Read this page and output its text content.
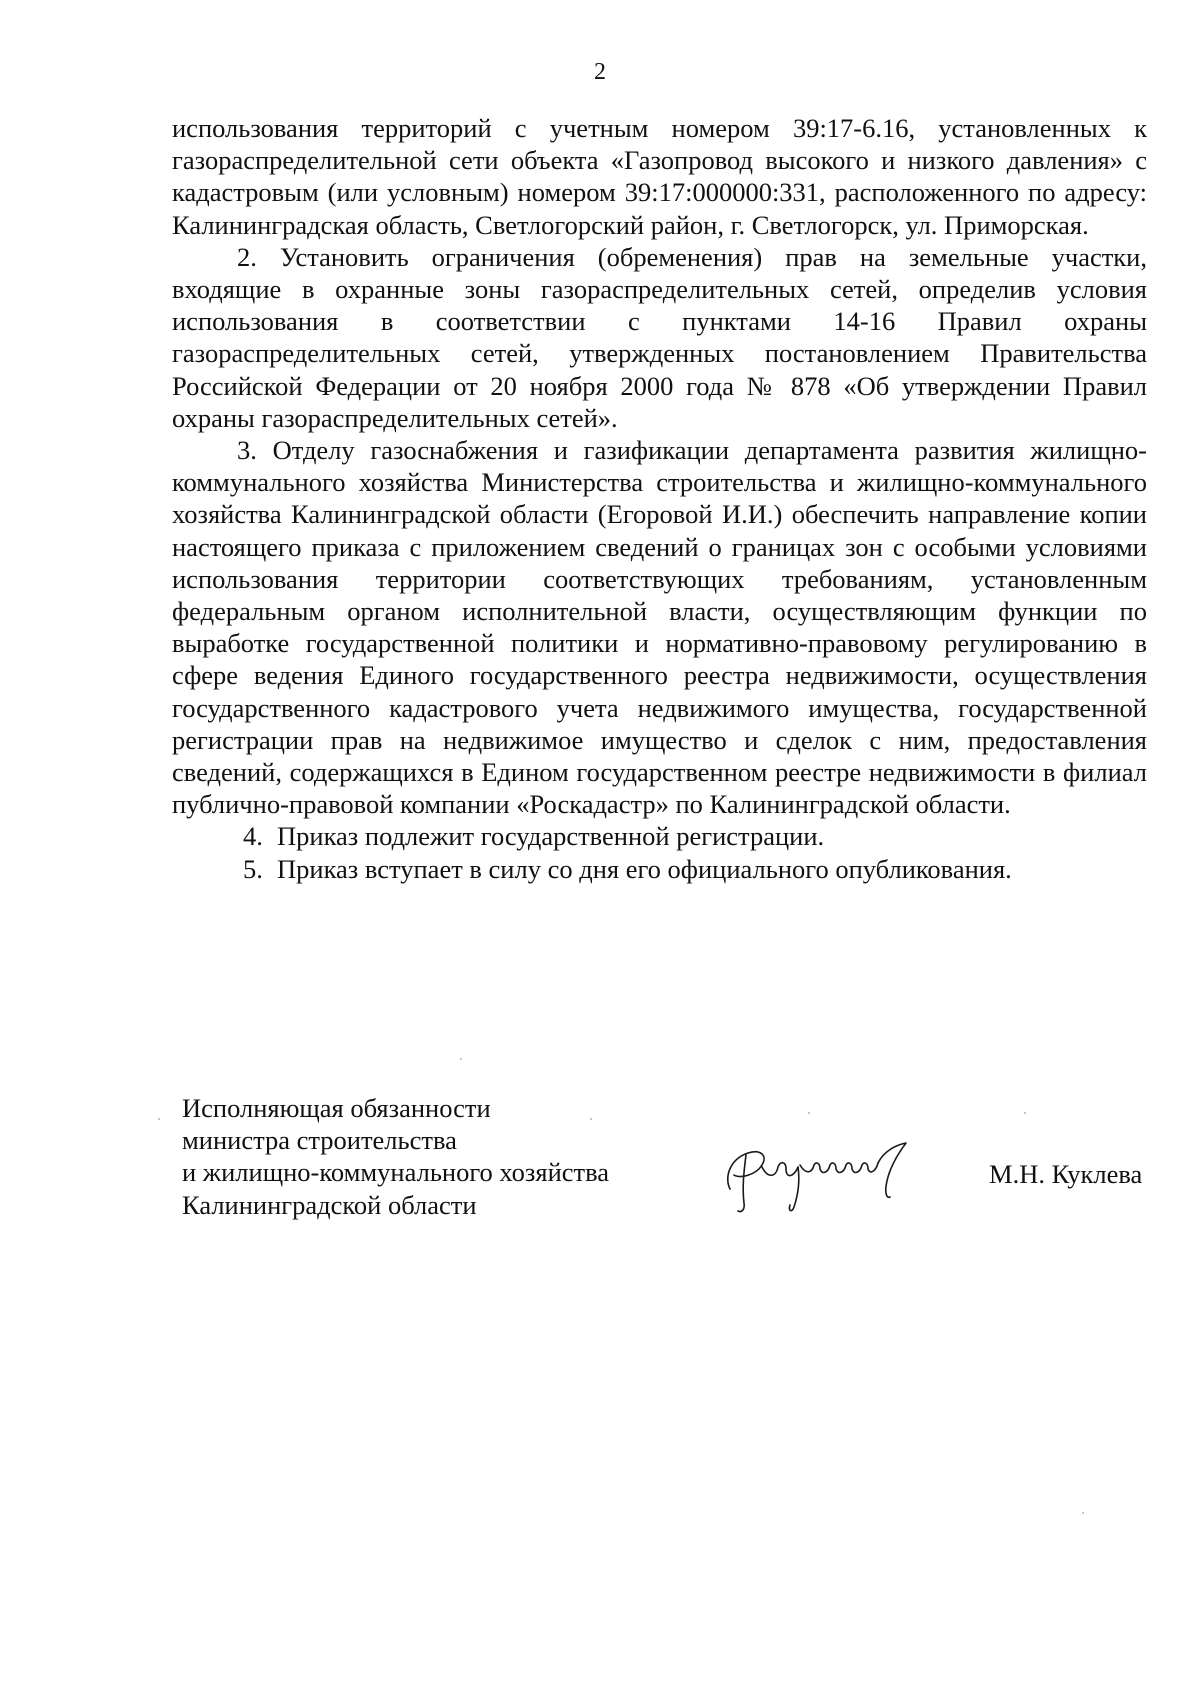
2

использования территорий с учетным номером 39:17-6.16, установленных к газораспределительной сети объекта «Газопровод высокого и низкого давления» с кадастровым (или условным) номером 39:17:000000:331, расположенного по адресу: Калининградская область, Светлогорский район, г. Светлогорск, ул. Приморская.

2. Установить ограничения (обременения) прав на земельные участки, входящие в охранные зоны газораспределительных сетей, определив условия использования в соответствии с пунктами 14-16 Правил охраны газораспределительных сетей, утвержденных постановлением Правительства Российской Федерации от 20 ноября 2000 года № 878 «Об утверждении Правил охраны газораспределительных сетей».

3. Отделу газоснабжения и газификации департамента развития жилищно-коммунального хозяйства Министерства строительства и жилищно-коммунального хозяйства Калининградской области (Егоровой И.И.) обеспечить направление копии настоящего приказа с приложением сведений о границах зон с особыми условиями использования территории соответствующих требованиям, установленным федеральным органом исполнительной власти, осуществляющим функции по выработке государственной политики и нормативно-правовому регулированию в сфере ведения Единого государственного реестра недвижимости, осуществления государственного кадастрового учета недвижимого имущества, государственной регистрации прав на недвижимое имущество и сделок с ним, предоставления сведений, содержащихся в Едином государственном реестре недвижимости в филиал публично-правовой компании «Роскадастр» по Калининградской области.

4. Приказ подлежит государственной регистрации.

5. Приказ вступает в силу со дня его официального опубликования.

Исполняющая обязанности
министра строительства
и жилищно-коммунального хозяйства
Калининградской области
М.Н. Куклева
